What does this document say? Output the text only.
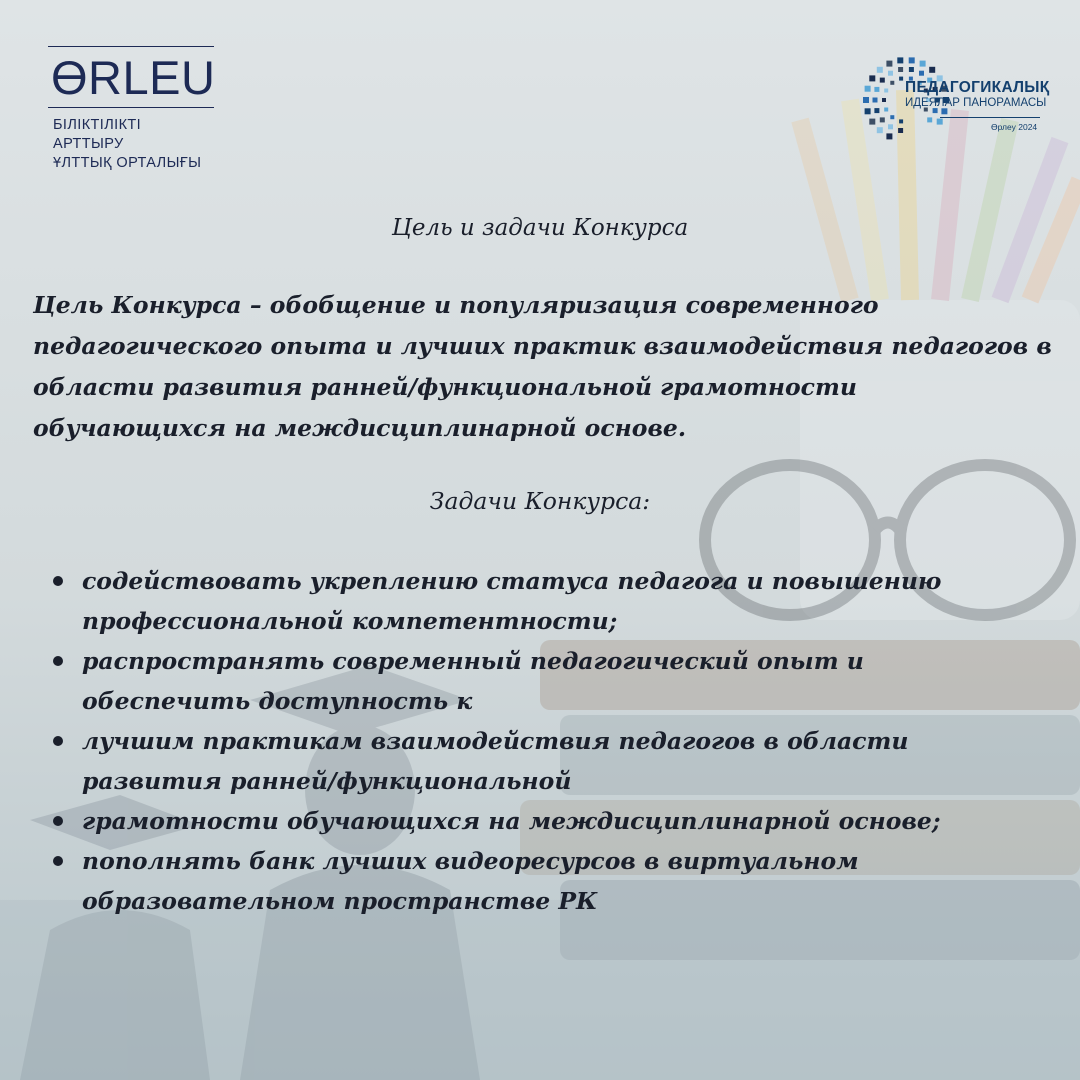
ƟRLEU
БІЛІКТІЛІКТІ АРТТЫРУ
ҰЛТТЫҚ ОРТАЛЫҒЫ
ПЕДАГОГИКАЛЫҚ
ИДЕЯЛАР ПАНОРАМАСЫ
Өрлеу 2024
Цель и задачи Конкурса
Цель Конкурса – обобщение и популяризация современного педагогического опыта и лучших практик взаимодействия педагогов в области развития ранней/функциональной грамотности обучающихся на междисциплинарной основе.
Задачи Конкурса:
содействовать укреплению статуса педагога и повышению профессиональной компетентности;
распространять современный педагогический опыт и обеспечить доступность к
лучшим практикам взаимодействия педагогов в области развития ранней/функциональной
грамотности обучающихся на междисциплинарной основе;
пополнять банк лучших видеоресурсов в виртуальном образовательном пространстве РК
